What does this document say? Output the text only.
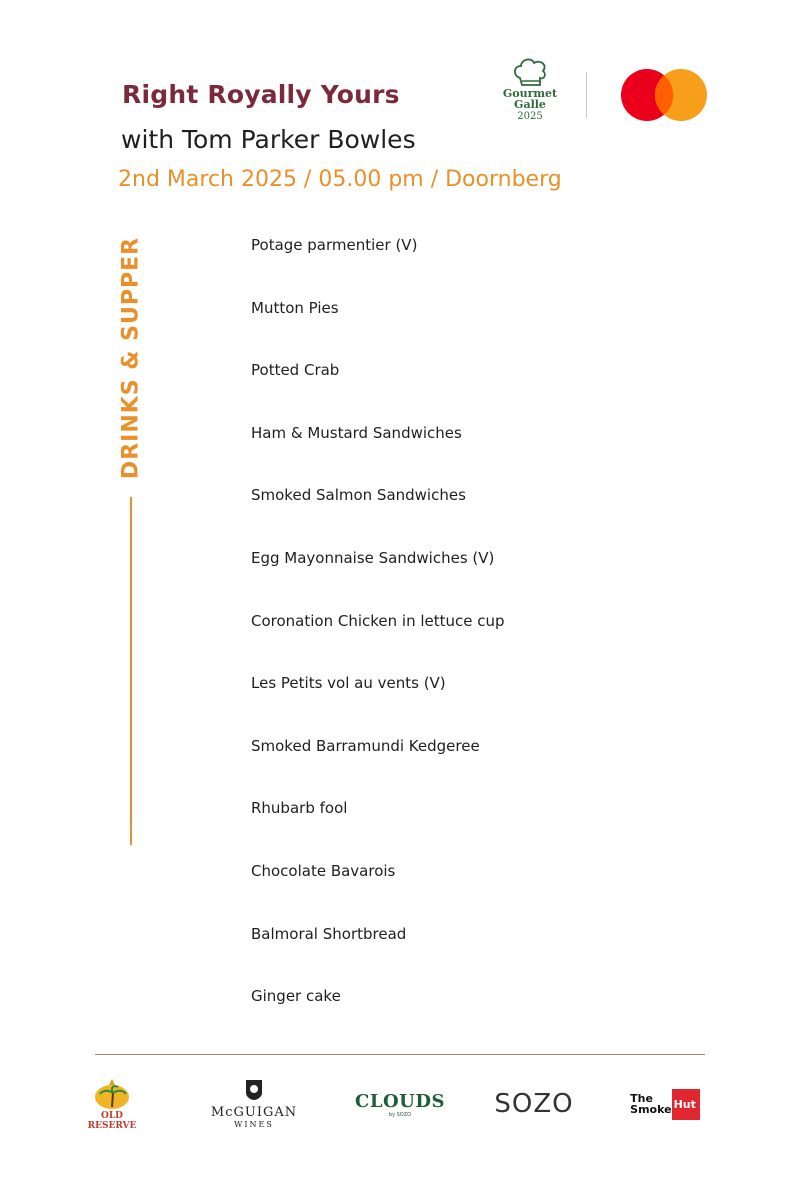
Right Royally Yours
with Tom Parker Bowles
2nd March 2025 / 05.00 pm / Doornberg
Gourmet
Galle
2025
DRINKS & SUPPER	Potage parmentier (V)
Mutton Pies
Potted Crab
Ham & Mustard Sandwiches
Smoked Salmon Sandwiches
Egg Mayonnaise Sandwiches (V)
Coronation Chicken in lettuce cup
Les Petits vol au vents (V)
Smoked Barramundi Kedgeree
Rhubarb fool
Chocolate Bavarois
Balmoral Shortbread
Ginger cake
OLD
RESERVE
McGUIGAN
WINES
CLOUDS
by SOZO	SOZO	The
Smoke Hut
